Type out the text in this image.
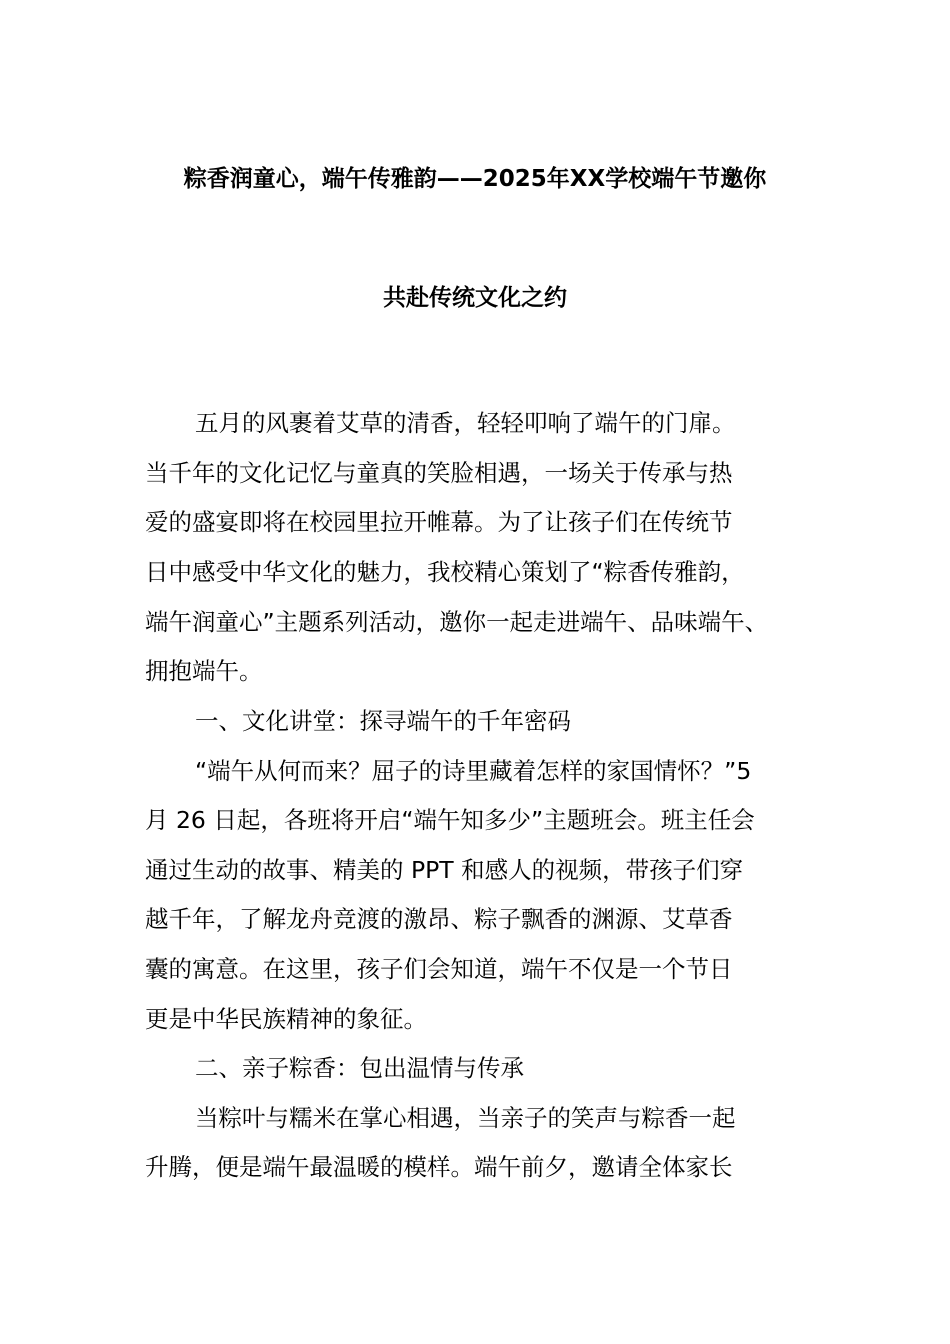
粽香润童心，端午传雅韵——2025年XX学校端午节邀你
共赴传统文化之约
五月的风裹着艾草的清香，轻轻叩响了端午的门扉。
当千年的文化记忆与童真的笑脸相遇，一场关于传承与热
爱的盛宴即将在校园里拉开帷幕。为了让孩子们在传统节
日中感受中华文化的魅力，我校精心策划了“粽香传雅韵，
端午润童心”主题系列活动，邀你一起走进端午、品味端午、
拥抱端午。
一、文化讲堂：探寻端午的千年密码
“端午从何而来？屈子的诗里藏着怎样的家国情怀？”5
月 26 日起，各班将开启“端午知多少”主题班会。班主任会
通过生动的故事、精美的 PPT 和感人的视频，带孩子们穿
越千年，了解龙舟竞渡的激昂、粽子飘香的渊源、艾草香
囊的寓意。在这里，孩子们会知道，端午不仅是一个节日
更是中华民族精神的象征。
二、亲子粽香：包出温情与传承
当粽叶与糯米在掌心相遇，当亲子的笑声与粽香一起
升腾，便是端午最温暖的模样。端午前夕，邀请全体家长
